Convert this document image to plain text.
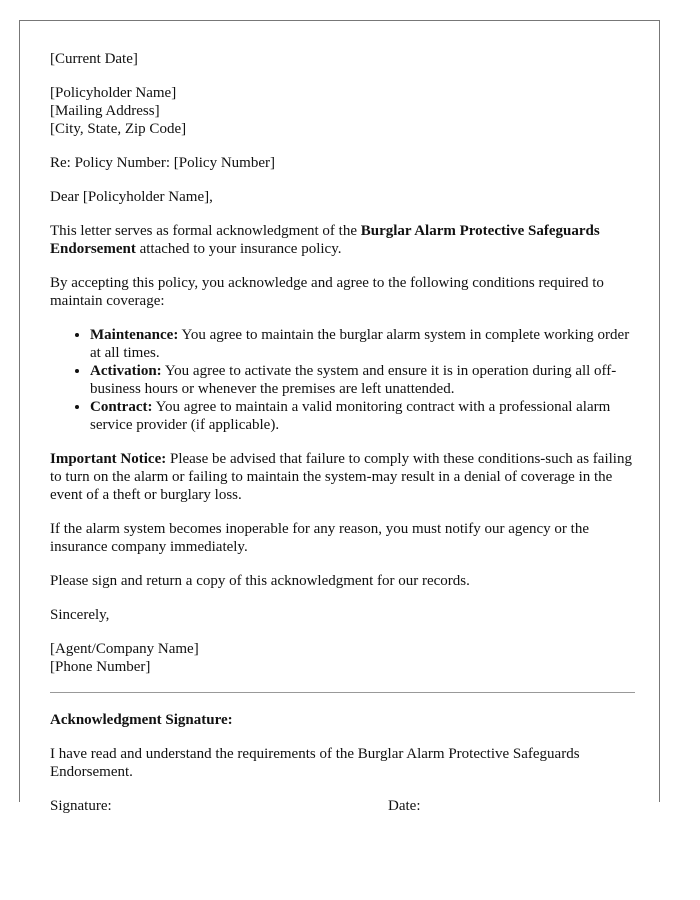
[Current Date]

[Policyholder Name]
[Mailing Address]
[City, State, Zip Code]

Re: Policy Number: [Policy Number]

Dear [Policyholder Name],

This letter serves as formal acknowledgment of the Burglar Alarm Protective Safeguards Endorsement attached to your insurance policy.

By accepting this policy, you acknowledge and agree to the following conditions required to maintain coverage:

• Maintenance: You agree to maintain the burglar alarm system in complete working order at all times.
• Activation: You agree to activate the system and ensure it is in operation during all off-business hours or whenever the premises are left unattended.
• Contract: You agree to maintain a valid monitoring contract with a professional alarm service provider (if applicable).

Important Notice: Please be advised that failure to comply with these conditions-such as failing to turn on the alarm or failing to maintain the system-may result in a denial of coverage in the event of a theft or burglary loss.

If the alarm system becomes inoperable for any reason, you must notify our agency or the insurance company immediately.

Please sign and return a copy of this acknowledgment for our records.

Sincerely,

[Agent/Company Name]
[Phone Number]

Acknowledgment Signature:

I have read and understand the requirements of the Burglar Alarm Protective Safeguards Endorsement.

Signature:	Date:
